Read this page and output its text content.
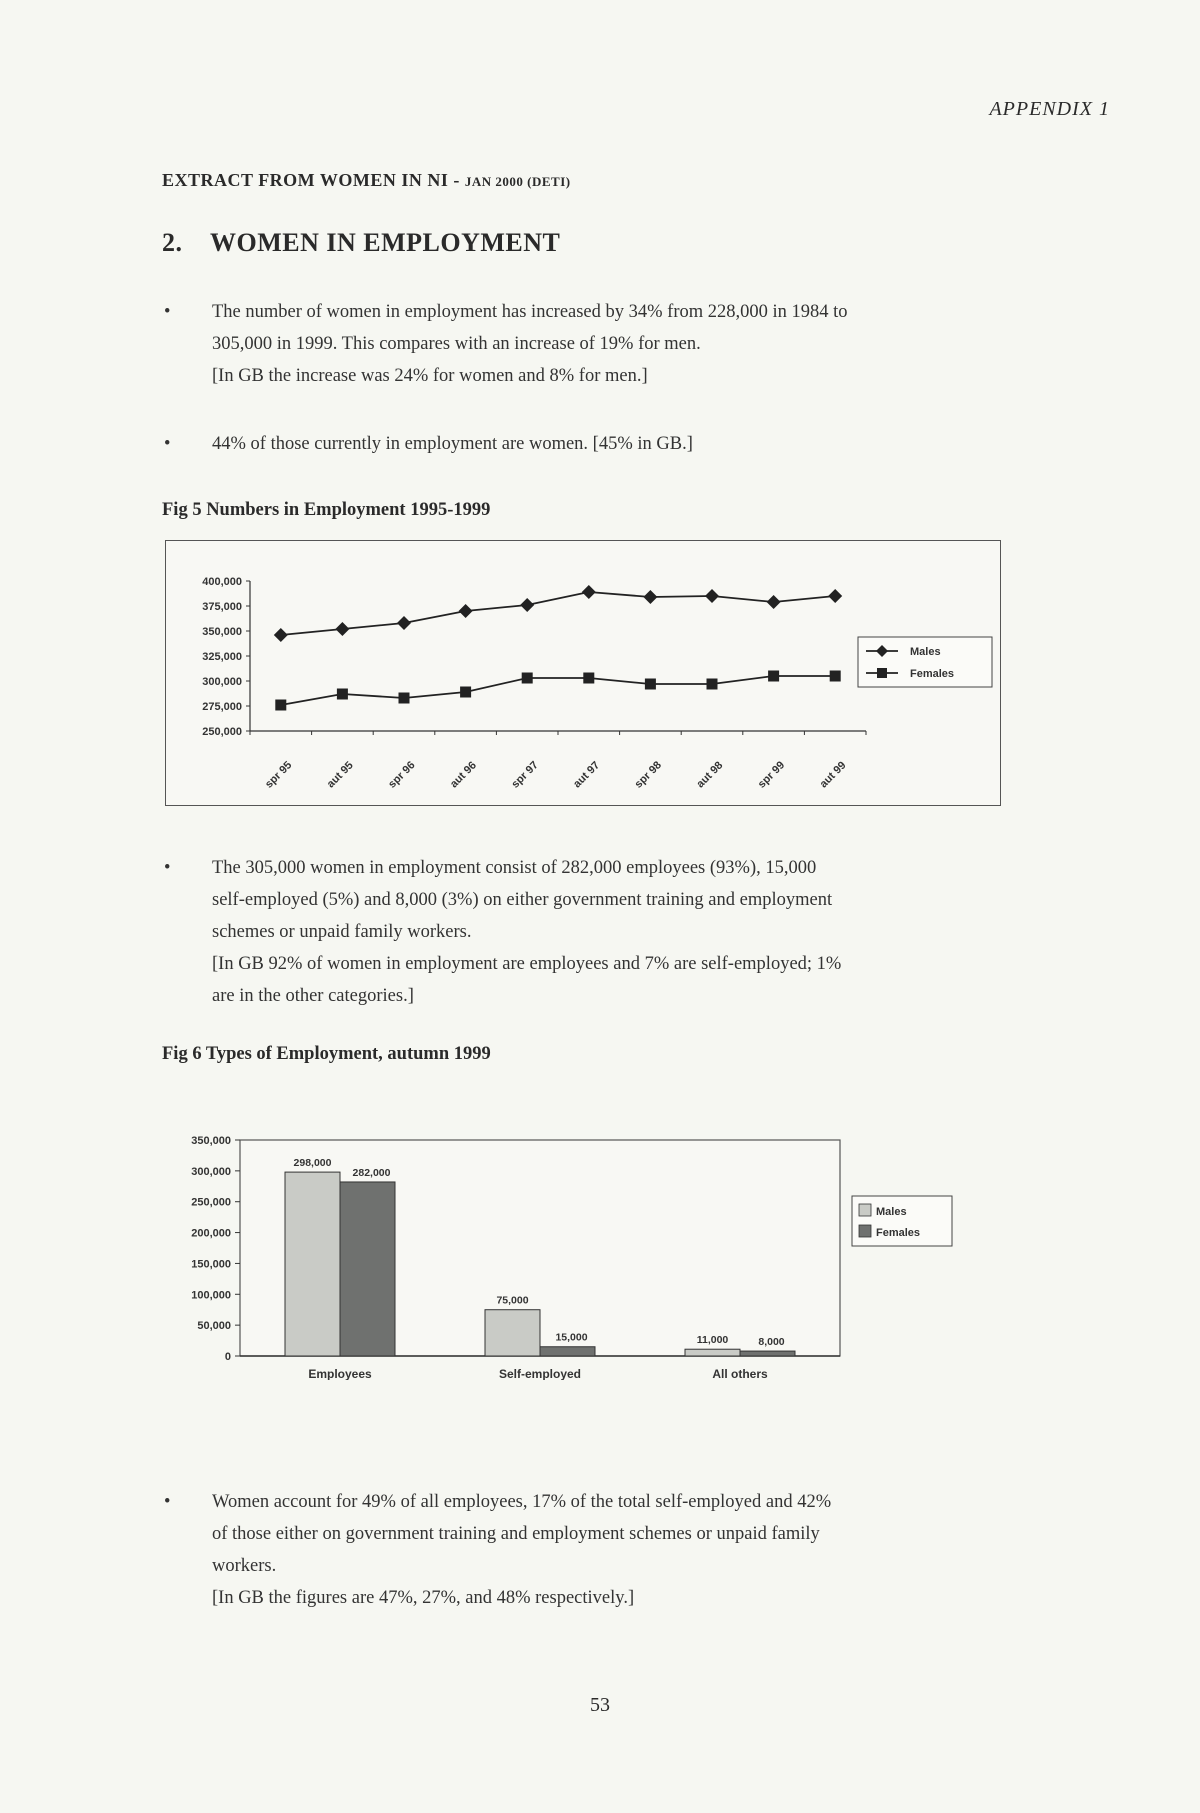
APPENDIX 1
EXTRACT FROM WOMEN IN NI - JAN 2000 (DETI)
2. WOMEN IN EMPLOYMENT
• The number of women in employment has increased by 34% from 228,000 in 1984 to
305,000 in 1999. This compares with an increase of 19% for men.
[In GB the increase was 24% for women and 8% for men.]
• 44% of those currently in employment are women. [45% in GB.]
Fig 5 Numbers in Employment 1995-1999
400,000
375,000
350,000
325,000
300,000
275,000
250,000
spr 95	aut 95	spr 96	aut 96	spr 97	aut 97	spr 98	aut 98	spr 99	aut 99
Males
Females
• The 305,000 women in employment consist of 282,000 employees (93%), 15,000
self-employed (5%) and 8,000 (3%) on either government training and employment
schemes or unpaid family workers.
[In GB 92% of women in employment are employees and 7% are self-employed; 1%
are in the other categories.]
Fig 6 Types of Employment, autumn 1999
350,000
300,000
250,000
200,000
150,000
100,000
50,000
0
298,000
282,000
Employees
75,000
15,000
Self-employed
11,000	8,000
All others
Males
Females
• Women account for 49% of all employees, 17% of the total self-employed and 42%
of those either on government training and employment schemes or unpaid family
workers.
[In GB the figures are 47%, 27%, and 48% respectively.]
53
